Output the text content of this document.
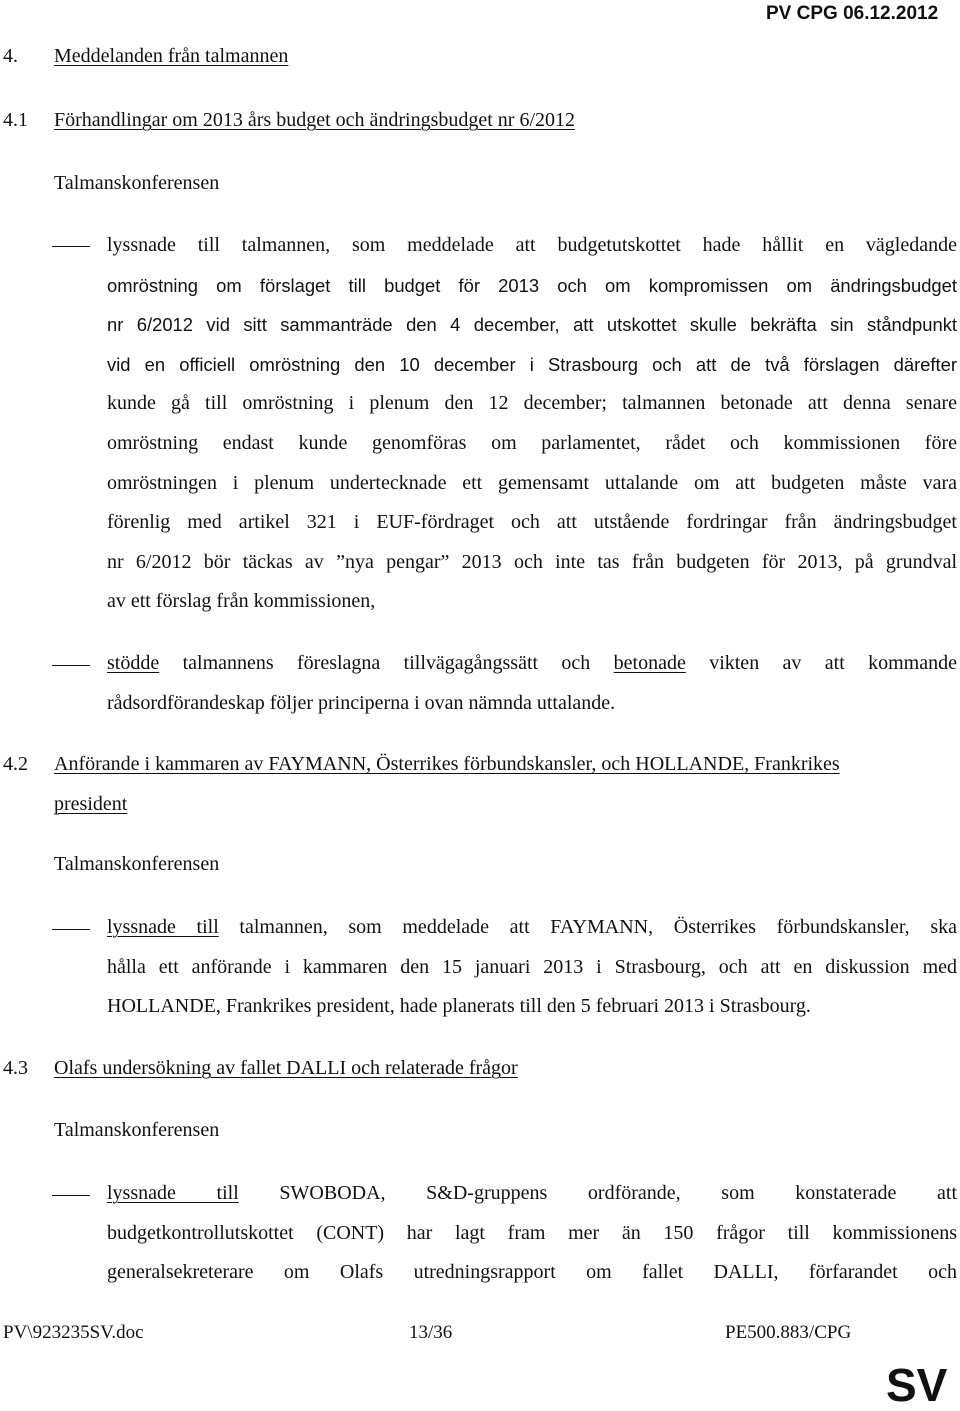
PV CPG 06.12.2012
4. Meddelanden från talmannen
4.1 Förhandlingar om 2013 års budget och ändringsbudget nr 6/2012
Talmanskonferensen
lyssnade till talmannen, som meddelade att budgetutskottet hade hållit en vägledande
omröstning om förslaget till budget för 2013 och om kompromissen om ändringsbudget
nr 6/2012 vid sitt sammanträde den 4 december, att utskottet skulle bekräfta sin ståndpunkt
vid en officiell omröstning den 10 december i Strasbourg och att de två förslagen därefter
kunde gå till omröstning i plenum den 12 december; talmannen betonade att denna senare
omröstning endast kunde genomföras om parlamentet, rådet och kommissionen före
omröstningen i plenum undertecknade ett gemensamt uttalande om att budgeten måste vara
förenlig med artikel 321 i EUF-fördraget och att utstående fordringar från ändringsbudget
nr 6/2012 bör täckas av ”nya pengar” 2013 och inte tas från budgeten för 2013, på grundval
av ett förslag från kommissionen,
stödde talmannens föreslagna tillvägagångssätt och betonade vikten av att kommande
rådsordförandeskap följer principerna i ovan nämnda uttalande.
4.2 Anförande i kammaren av FAYMANN, Österrikes förbundskansler, och HOLLANDE, Frankrikes
president
Talmanskonferensen
lyssnade till talmannen, som meddelade att FAYMANN, Österrikes förbundskansler, ska
hålla ett anförande i kammaren den 15 januari 2013 i Strasbourg, och att en diskussion med
HOLLANDE, Frankrikes president, hade planerats till den 5 februari 2013 i Strasbourg.
4.3 Olafs undersökning av fallet DALLI och relaterade frågor
Talmanskonferensen
lyssnade till SWOBODA, S&D-gruppens ordförande, som konstaterade att
budgetkontrollutskottet (CONT) har lagt fram mer än 150 frågor till kommissionens
generalsekreterare om Olafs utredningsrapport om fallet DALLI, förfarandet och
PV\923235SV.doc	13/36	PE500.883/CPG
SV
